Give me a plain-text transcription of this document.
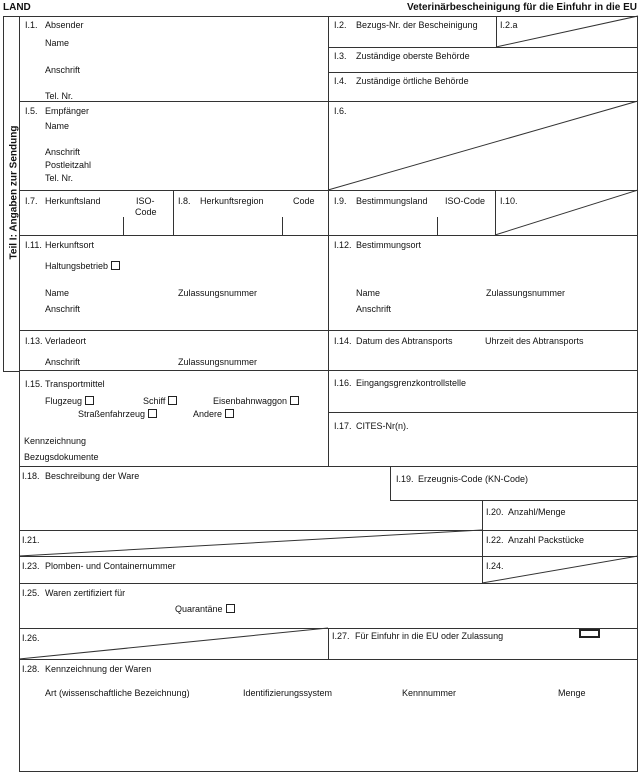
LAND	Veterinärbescheinigung für die Einfuhr in die EU
Teil I: Angaben zur Sendung
I.1. Absender
Name
Anschrift
Tel. Nr.
I.2. Bezugs-Nr. der Bescheinigung I.2.a
I.3. Zuständige oberste Behörde
I.4. Zuständige örtliche Behörde
I.5. Empfänger
Name
Anschrift
Postleitzahl
Tel. Nr.
I.6.
I.7. Herkunftsland	ISO-
Code
I.8. Herkunftsregion	Code I.9. Bestimmungsland ISO-Code I.10.
I.11. Herkunftsort
Haltungsbetrieb
Name	Zulassungsnummer
Anschrift
I.12. Bestimmungsort
Name	Zulassungsnummer
Anschrift
I.13. Verladeort
Anschrift	Zulassungsnummer
I.14. Datum des Abtransports	Uhrzeit des Abtransports
I.15. Transportmittel
Flugzeug	Schiff	Eisenbahnwaggon
Straßenfahrzeug	Andere
Kennzeichnung
Bezugsdokumente
I.16. Eingangsgrenzkontrollstelle
I.17. CITES-Nr(n).
I.18. Beschreibung der Ware	I.19. Erzeugnis-Code (KN-Code)
I.20. Anzahl/Menge
I.21.	I.22. Anzahl Packstücke
I.23. Plomben- und Containernummer	I.24.
I.25. Waren zertifiziert für
Quarantäne
I.26.	I.27. Für Einfuhr in die EU oder Zulassung
I.28. Kennzeichnung der Waren
Art (wissenschaftliche Bezeichnung)	Identifizierungssystem	Kennnummer	Menge
